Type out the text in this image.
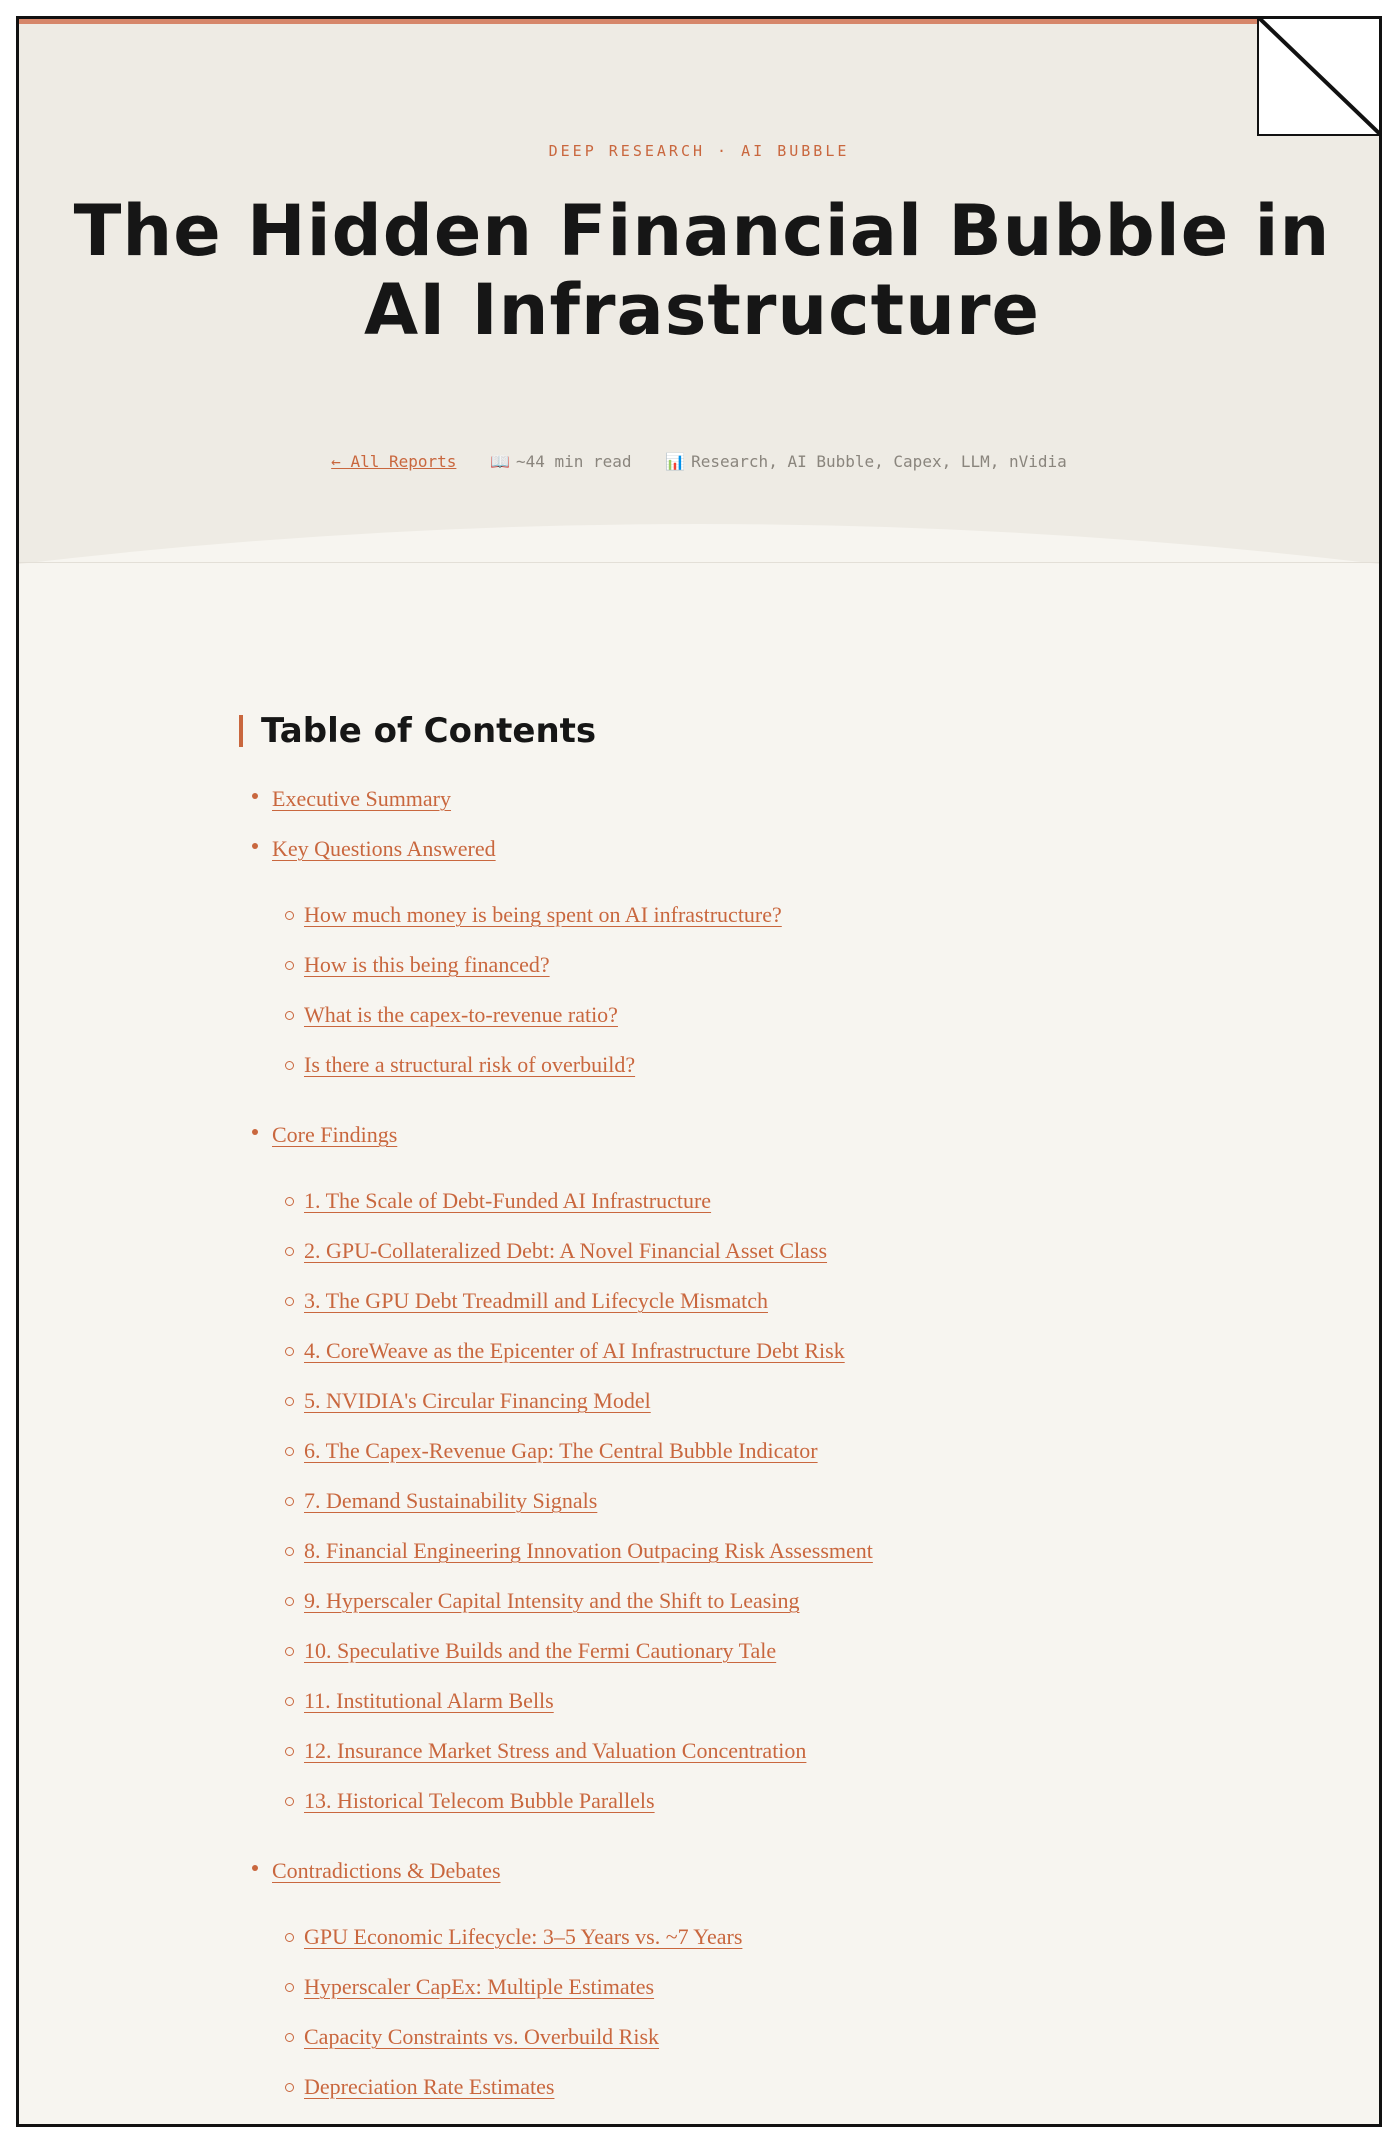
DEEP RESEARCH · AI BUBBLE
The Hidden Financial Bubble in AI Infrastructure
← All Reports 📖 ~44 min read 📊 Research, AI Bubble, Capex, LLM, nVidia
Table of Contents
Executive Summary
Key Questions Answered
How much money is being spent on AI infrastructure?
How is this being financed?
What is the capex-to-revenue ratio?
Is there a structural risk of overbuild?
Core Findings
1. The Scale of Debt-Funded AI Infrastructure
2. GPU-Collateralized Debt: A Novel Financial Asset Class
3. The GPU Debt Treadmill and Lifecycle Mismatch
4. CoreWeave as the Epicenter of AI Infrastructure Debt Risk
5. NVIDIA's Circular Financing Model
6. The Capex-Revenue Gap: The Central Bubble Indicator
7. Demand Sustainability Signals
8. Financial Engineering Innovation Outpacing Risk Assessment
9. Hyperscaler Capital Intensity and the Shift to Leasing
10. Speculative Builds and the Fermi Cautionary Tale
11. Institutional Alarm Bells
12. Insurance Market Stress and Valuation Concentration
13. Historical Telecom Bubble Parallels
Contradictions & Debates
GPU Economic Lifecycle: 3–5 Years vs. ~7 Years
Hyperscaler CapEx: Multiple Estimates
Capacity Constraints vs. Overbuild Risk
Depreciation Rate Estimates
